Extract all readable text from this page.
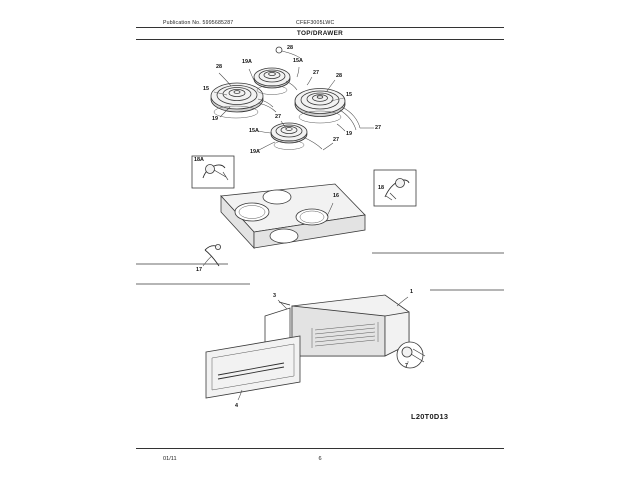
Publication No. 5995685287	CFEF3005LWC
TOP/DRAWER
28
28
19A	15A
27	28
15
15
19	27
15A	19
27
19A
27
18A
16
18
17
1
3
7
4
L20T0D13
01/11	6
